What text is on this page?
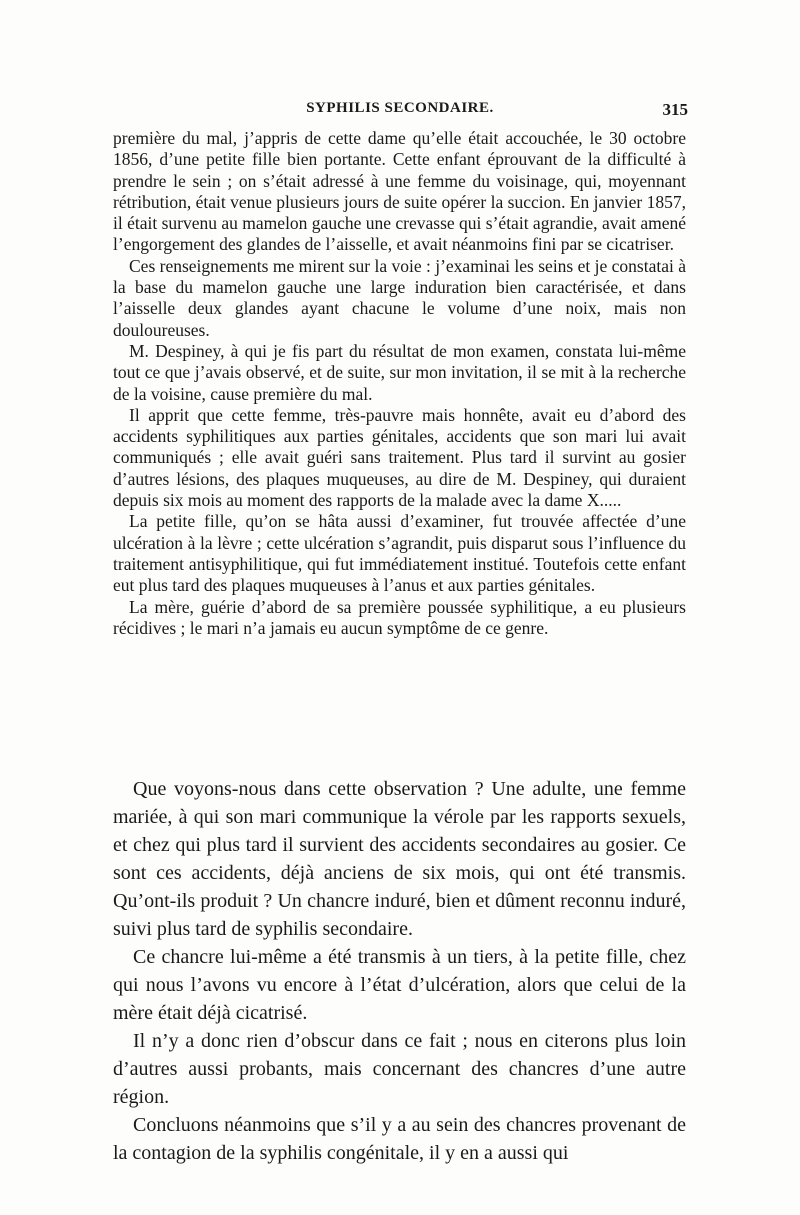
SYPHILIS SECONDAIRE.	315

première du mal, j’appris de cette dame qu’elle était accouchée, le 30 octobre 1856, d’une petite fille bien portante. Cette enfant éprouvant de la difficulté à prendre le sein ; on s’était adressé à une femme du voisinage, qui, moyennant rétribution, était venue plusieurs jours de suite opérer la succion. En janvier 1857, il était survenu au mamelon gauche une crevasse qui s’était agrandie, avait amené l’engorgement des glandes de l’aisselle, et avait néanmoins fini par se cicatriser.

Ces renseignements me mirent sur la voie : j’examinai les seins et je constatai à la base du mamelon gauche une large induration bien caractérisée, et dans l’aisselle deux glandes ayant chacune le volume d’une noix, mais non douloureuses.

M. Despiney, à qui je fis part du résultat de mon examen, constata lui-même tout ce que j’avais observé, et de suite, sur mon invitation, il se mit à la recherche de la voisine, cause première du mal.

Il apprit que cette femme, très-pauvre mais honnête, avait eu d’abord des accidents syphilitiques aux parties génitales, accidents que son mari lui avait communiqués ; elle avait guéri sans traitement. Plus tard il survint au gosier d’autres lésions, des plaques muqueuses, au dire de M. Despiney, qui duraient depuis six mois au moment des rapports de la malade avec la dame X.....

La petite fille, qu’on se hâta aussi d’examiner, fut trouvée affectée d’une ulcération à la lèvre ; cette ulcération s’agrandit, puis disparut sous l’influence du traitement antisyphilitique, qui fut immédiatement institué. Toutefois cette enfant eut plus tard des plaques muqueuses à l’anus et aux parties génitales.

La mère, guérie d’abord de sa première poussée syphilitique, a eu plusieurs récidives ; le mari n’a jamais eu aucun symptôme de ce genre.

Que voyons-nous dans cette observation ? Une adulte, une femme mariée, à qui son mari communique la vérole par les rapports sexuels, et chez qui plus tard il survient des accidents secondaires au gosier. Ce sont ces accidents, déjà anciens de six mois, qui ont été transmis. Qu’ont-ils produit ? Un chancre induré, bien et dûment reconnu induré, suivi plus tard de syphilis secondaire.

Ce chancre lui-même a été transmis à un tiers, à la petite fille, chez qui nous l’avons vu encore à l’état d’ulcération, alors que celui de la mère était déjà cicatrisé.

Il n’y a donc rien d’obscur dans ce fait ; nous en citerons plus loin d’autres aussi probants, mais concernant des chancres d’une autre région.

Concluons néanmoins que s’il y a au sein des chancres provenant de la contagion de la syphilis congénitale, il y en a aussi qui
